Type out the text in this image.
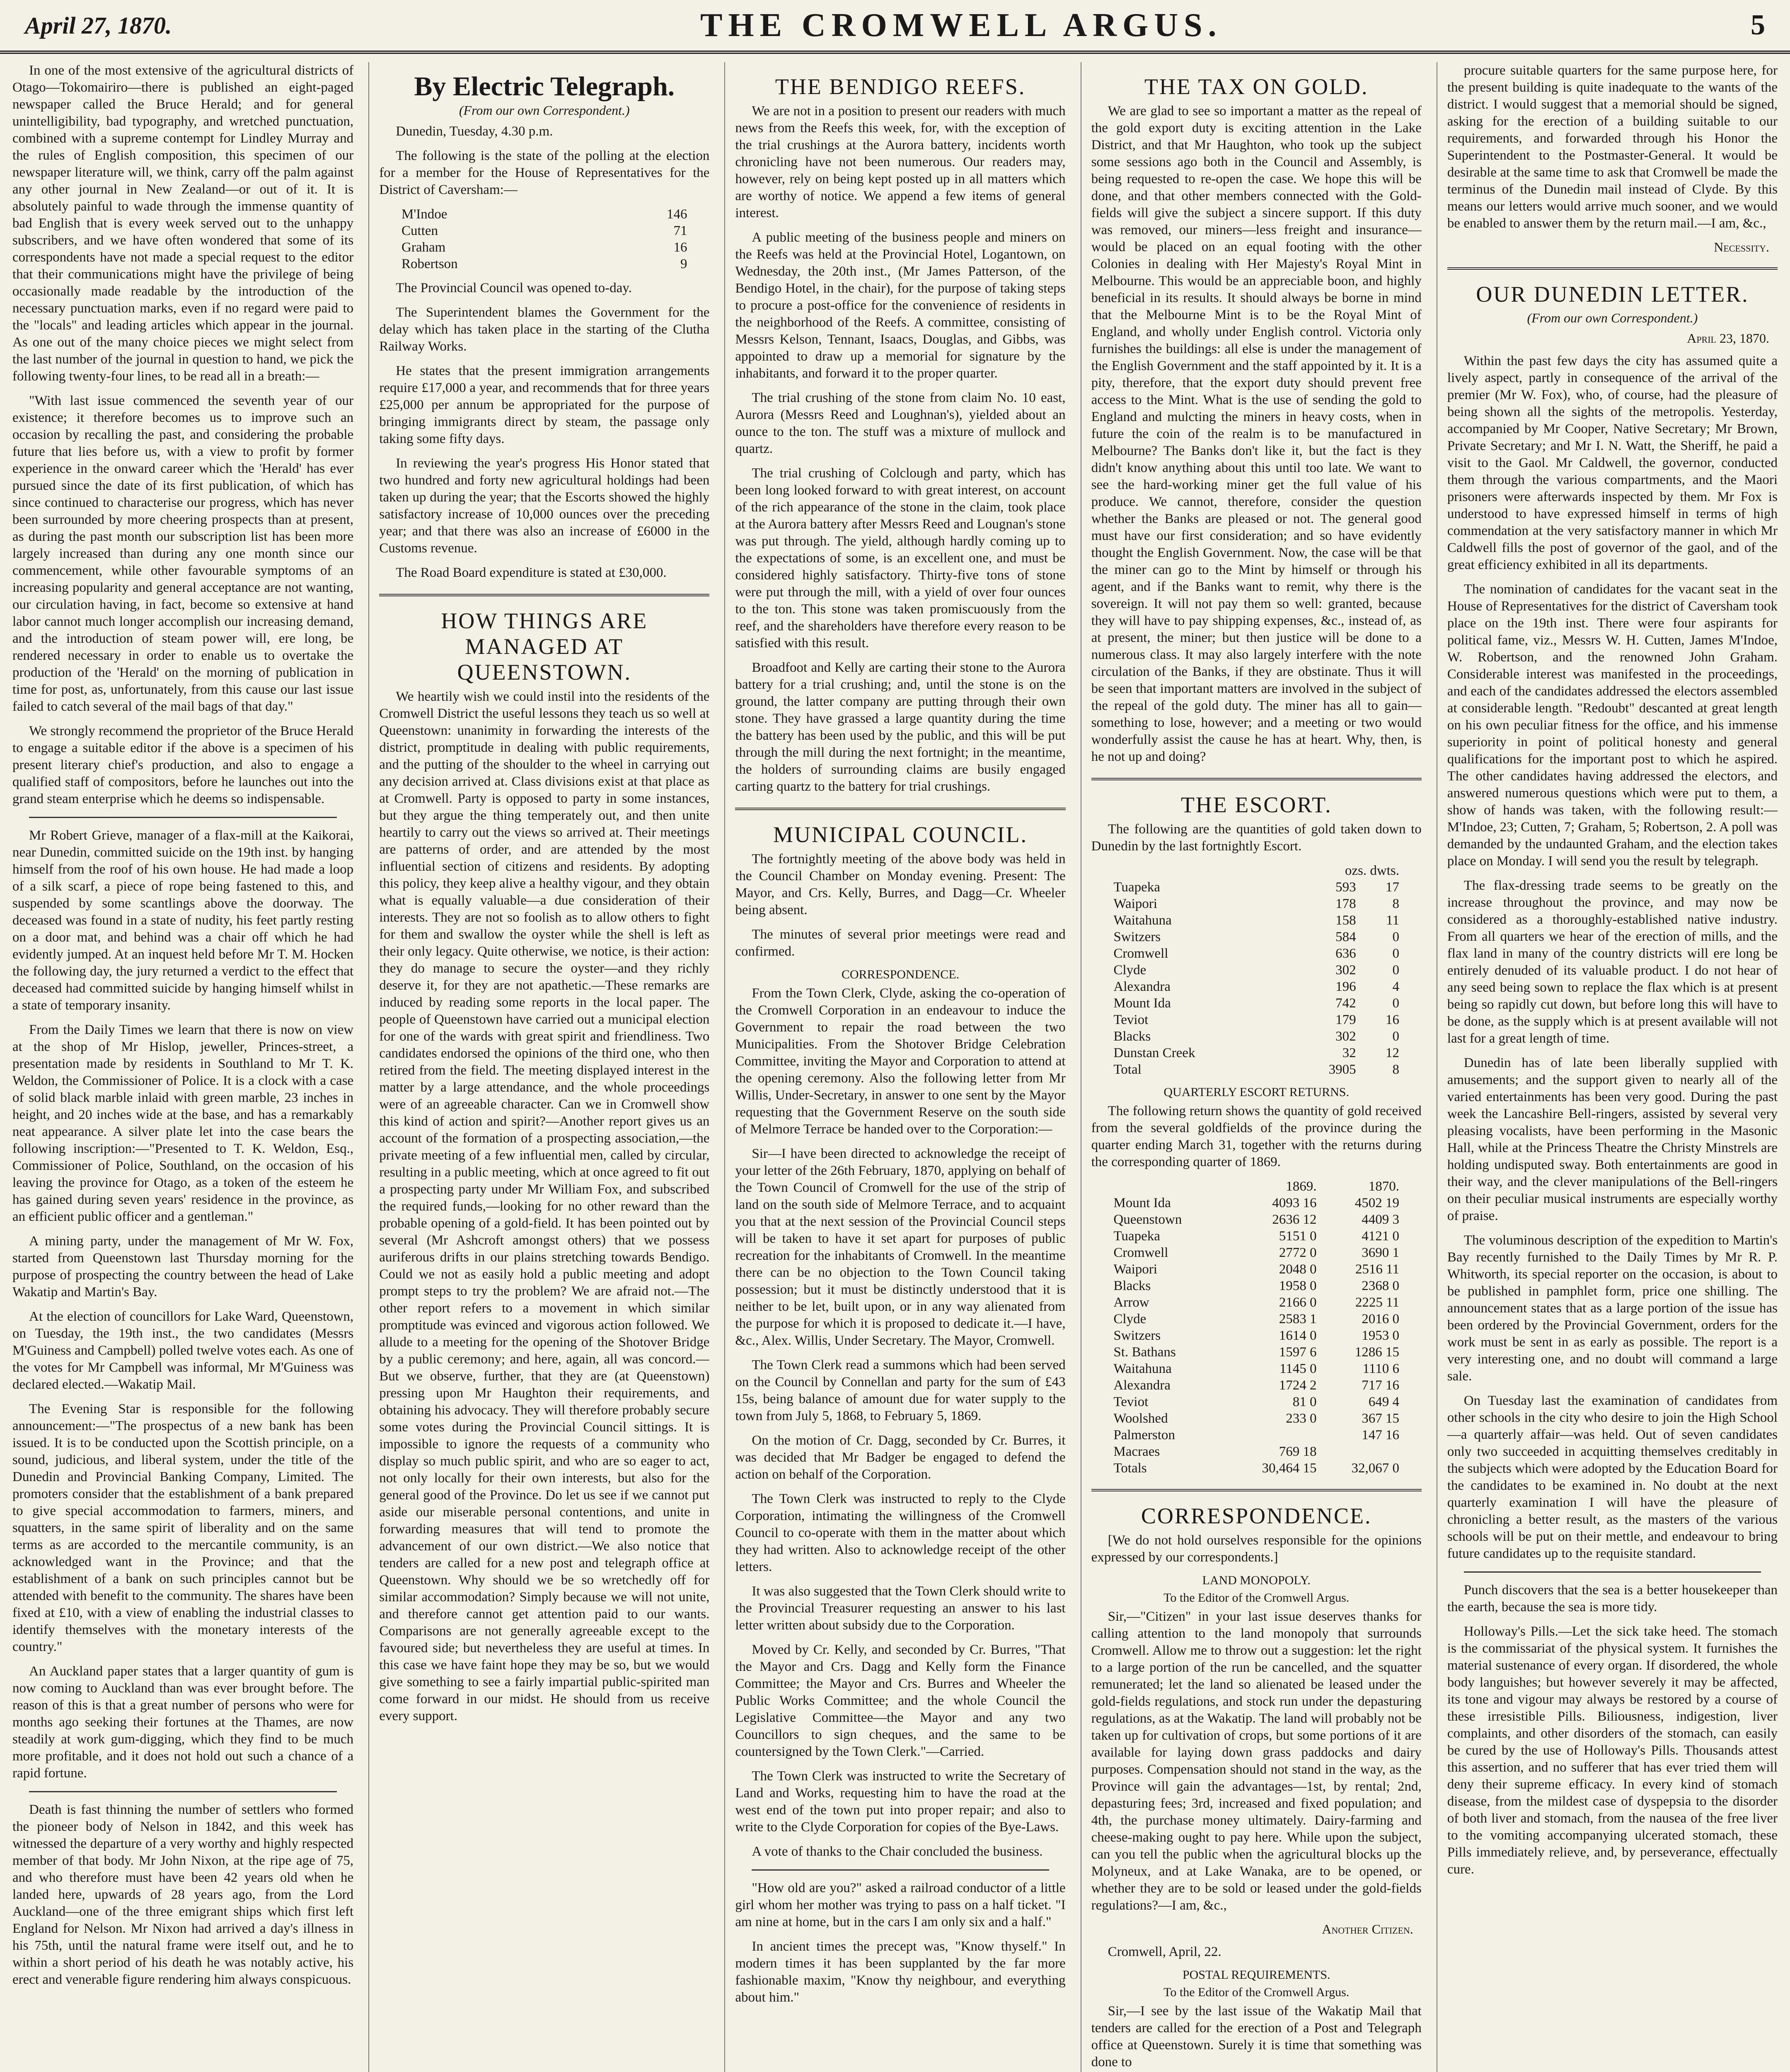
April 27, 1870.	THE CROMWELL ARGUS.	5

In one of the most extensive of the agricultural districts of Otago—Tokomairiro—there is published an eight-paged newspaper called the Bruce Herald; and for general unintelligibility, bad typography, and wretched punctuation, combined with a supreme contempt for Lindley Murray and the rules of English composition, this specimen of our newspaper literature will, we think, carry off the palm against any other journal in New Zealand—or out of it. It is absolutely painful to wade through the immense quantity of bad English that is every week served out to the unhappy subscribers, and we have often wondered that some of its correspondents have not made a special request to the editor that their communications might have the privilege of being occasionally made readable by the introduction of the necessary punctuation marks, even if no regard were paid to the "locals" and leading articles which appear in the journal. As one out of the many choice pieces we might select from the last number of the journal in question to hand, we pick the following twenty-four lines, to be read all in a breath:—

"With last issue commenced the seventh year of our existence; it therefore becomes us to improve such an occasion by recalling the past, and considering the probable future that lies before us, with a view to profit by former experience in the onward career which the 'Herald' has ever pursued since the date of its first publication, of which has since continued to characterise our progress, which has never been surrounded by more cheering prospects than at present, as during the past month our subscription list has been more largely increased than during any one month since our commencement, while other favourable symptoms of an increasing popularity and general acceptance are not wanting, our circulation having, in fact, become so extensive at hand labor cannot much longer accomplish our increasing demand, and the introduction of steam power will, ere long, be rendered necessary in order to enable us to overtake the production of the 'Herald' on the morning of publication in time for post, as, unfortunately, from this cause our last issue failed to catch several of the mail bags of that day."

We strongly recommend the proprietor of the Bruce Herald to engage a suitable editor if the above is a specimen of his present literary chief's production, and also to engage a qualified staff of compositors, before he launches out into the grand steam enterprise which he deems so indispensable.

Mr Robert Grieve, manager of a flax-mill at the Kaikorai, near Dunedin, committed suicide on the 19th inst. by hanging himself from the roof of his own house. He had made a loop of a silk scarf, a piece of rope being fastened to this, and suspended by some scantlings above the doorway. The deceased was found in a state of nudity, his feet partly resting on a door mat, and behind was a chair off which he had evidently jumped. At an inquest held before Mr T. M. Hocken the following day, the jury returned a verdict to the effect that deceased had committed suicide by hanging himself whilst in a state of temporary insanity.

From the Daily Times we learn that there is now on view at the shop of Mr Hislop, jeweller, Princes-street, a presentation made by residents in Southland to Mr T. K. Weldon, the Commissioner of Police. It is a clock with a case of solid black marble inlaid with green marble, 23 inches in height, and 20 inches wide at the base, and has a remarkably neat appearance. A silver plate let into the case bears the following inscription:—"Presented to T. K. Weldon, Esq., Commissioner of Police, Southland, on the occasion of his leaving the province for Otago, as a token of the esteem he has gained during seven years' residence in the province, as an efficient public officer and a gentleman."

A mining party, under the management of Mr W. Fox, started from Queenstown last Thursday morning for the purpose of prospecting the country between the head of Lake Wakatip and Martin's Bay.

At the election of councillors for Lake Ward, Queenstown, on Tuesday, the 19th inst., the two candidates (Messrs M'Guiness and Campbell) polled twelve votes each. As one of the votes for Mr Campbell was informal, Mr M'Guiness was declared elected.—Wakatip Mail.

The Evening Star is responsible for the following announcement:—"The prospectus of a new bank has been issued. It is to be conducted upon the Scottish principle, on a sound, judicious, and liberal system, under the title of the Dunedin and Provincial Banking Company, Limited. The promoters consider that the establishment of a bank prepared to give special accommodation to farmers, miners, and squatters, in the same spirit of liberality and on the same terms as are accorded to the mercantile community, is an acknowledged want in the Province; and that the establishment of a bank on such principles cannot but be attended with benefit to the community. The shares have been fixed at £10, with a view of enabling the industrial classes to identify themselves with the monetary interests of the country."

An Auckland paper states that a larger quantity of gum is now coming to Auckland than was ever brought before. The reason of this is that a great number of persons who were for months ago seeking their fortunes at the Thames, are now steadily at work gum-digging, which they find to be much more profitable, and it does not hold out such a chance of a rapid fortune.

Death is fast thinning the number of settlers who formed the pioneer body of Nelson in 1842, and this week has witnessed the departure of a very worthy and highly respected member of that body. Mr John Nixon, at the ripe age of 75, and who therefore must have been 42 years old when he landed here, upwards of 28 years ago, from the Lord Auckland—one of the three emigrant ships which first left England for Nelson. Mr Nixon had arrived a day's illness in his 75th, until the natural frame were itself out, and he to within a short period of his death he was notably active, his erect and venerable figure rendering him always conspicuous.

By Electric Telegraph.
(From our own Correspondent.)

Dunedin, Tuesday, 4.30 p.m.

The following is the state of the polling at the election for a member for the House of Representatives for the District of Caversham:—

M'Indoe	146
Cutten	71
Graham	16
Robertson	9

The Provincial Council was opened to-day.

The Superintendent blames the Government for the delay which has taken place in the starting of the Clutha Railway Works.

He states that the present immigration arrangements require £17,000 a year, and recommends that for three years £25,000 per annum be appropriated for the purpose of bringing immigrants direct by steam, the passage only taking some fifty days.

In reviewing the year's progress His Honor stated that two hundred and forty new agricultural holdings had been taken up during the year; that the Escorts showed the highly satisfactory increase of 10,000 ounces over the preceding year; and that there was also an increase of £6000 in the Customs revenue.

The Road Board expenditure is stated at £30,000.

HOW THINGS ARE MANAGED AT QUEENSTOWN.

We heartily wish we could instil into the residents of the Cromwell District the useful lessons they teach us so well at Queenstown: unanimity in forwarding the interests of the district, promptitude in dealing with public requirements, and the putting of the shoulder to the wheel in carrying out any decision arrived at. Class divisions exist at that place as at Cromwell. Party is opposed to party in some instances, but they argue the thing temperately out, and then unite heartily to carry out the views so arrived at. Their meetings are patterns of order, and are attended by the most influential section of citizens and residents. By adopting this policy, they keep alive a healthy vigour, and they obtain what is equally valuable—a due consideration of their interests. They are not so foolish as to allow others to fight for them and swallow the oyster while the shell is left as their only legacy. Quite otherwise, we notice, is their action: they do manage to secure the oyster—and they richly deserve it, for they are not apathetic.—These remarks are induced by reading some reports in the local paper. The people of Queenstown have carried out a municipal election for one of the wards with great spirit and friendliness. Two candidates endorsed the opinions of the third one, who then retired from the field. The meeting displayed interest in the matter by a large attendance, and the whole proceedings were of an agreeable character. Can we in Cromwell show this kind of action and spirit?—Another report gives us an account of the formation of a prospecting association,—the private meeting of a few influential men, called by circular, resulting in a public meeting, which at once agreed to fit out a prospecting party under Mr William Fox, and subscribed the required funds,—looking for no other reward than the probable opening of a gold-field. It has been pointed out by several (Mr Ashcroft amongst others) that we possess auriferous drifts in our plains stretching towards Bendigo. Could we not as easily hold a public meeting and adopt prompt steps to try the problem? We are afraid not.—The other report refers to a movement in which similar promptitude was evinced and vigorous action followed. We allude to a meeting for the opening of the Shotover Bridge by a public ceremony; and here, again, all was concord.—But we observe, further, that they are (at Queenstown) pressing upon Mr Haughton their requirements, and obtaining his advocacy. They will therefore probably secure some votes during the Provincial Council sittings. It is impossible to ignore the requests of a community who display so much public spirit, and who are so eager to act, not only locally for their own interests, but also for the general good of the Province. Do let us see if we cannot put aside our miserable personal contentions, and unite in forwarding measures that will tend to promote the advancement of our own district.—We also notice that tenders are called for a new post and telegraph office at Queenstown. Why should we be so wretchedly off for similar accommodation? Simply because we will not unite, and therefore cannot get attention paid to our wants. Comparisons are not generally agreeable except to the favoured side; but nevertheless they are useful at times. In this case we have faint hope they may be so, but we would give something to see a fairly impartial public-spirited man come forward in our midst. He should from us receive every support.

THE BENDIGO REEFS.

We are not in a position to present our readers with much news from the Reefs this week, for, with the exception of the trial crushings at the Aurora battery, incidents worth chronicling have not been numerous. Our readers may, however, rely on being kept posted up in all matters which are worthy of notice. We append a few items of general interest.

A public meeting of the business people and miners on the Reefs was held at the Provincial Hotel, Logantown, on Wednesday, the 20th inst., (Mr James Patterson, of the Bendigo Hotel, in the chair), for the purpose of taking steps to procure a post-office for the convenience of residents in the neighborhood of the Reefs. A committee, consisting of Messrs Kelson, Tennant, Isaacs, Douglas, and Gibbs, was appointed to draw up a memorial for signature by the inhabitants, and forward it to the proper quarter.

The trial crushing of the stone from claim No. 10 east, Aurora (Messrs Reed and Loughnan's), yielded about an ounce to the ton. The stuff was a mixture of mullock and quartz.

The trial crushing of Colclough and party, which has been long looked forward to with great interest, on account of the rich appearance of the stone in the claim, took place at the Aurora battery after Messrs Reed and Lougnan's stone was put through. The yield, although hardly coming up to the expectations of some, is an excellent one, and must be considered highly satisfactory. Thirty-five tons of stone were put through the mill, with a yield of over four ounces to the ton. This stone was taken promiscuously from the reef, and the shareholders have therefore every reason to be satisfied with this result.

Broadfoot and Kelly are carting their stone to the Aurora battery for a trial crushing; and, until the stone is on the ground, the latter company are putting through their own stone. They have grassed a large quantity during the time the battery has been used by the public, and this will be put through the mill during the next fortnight; in the meantime, the holders of surrounding claims are busily engaged carting quartz to the battery for trial crushings.

MUNICIPAL COUNCIL.

The fortnightly meeting of the above body was held in the Council Chamber on Monday evening. Present: The Mayor, and Crs. Kelly, Burres, and Dagg—Cr. Wheeler being absent.

The minutes of several prior meetings were read and confirmed.

CORRESPONDENCE.

From the Town Clerk, Clyde, asking the co-operation of the Cromwell Corporation in an endeavour to induce the Government to repair the road between the two Municipalities. From the Shotover Bridge Celebration Committee, inviting the Mayor and Corporation to attend at the opening ceremony. Also the following letter from Mr Willis, Under-Secretary, in answer to one sent by the Mayor requesting that the Government Reserve on the south side of Melmore Terrace be handed over to the Corporation:—

Sir—I have been directed to acknowledge the receipt of your letter of the 26th February, 1870, applying on behalf of the Town Council of Cromwell for the use of the strip of land on the south side of Melmore Terrace, and to acquaint you that at the next session of the Provincial Council steps will be taken to have it set apart for purposes of public recreation for the inhabitants of Cromwell. In the meantime there can be no objection to the Town Council taking possession; but it must be distinctly understood that it is neither to be let, built upon, or in any way alienated from the purpose for which it is proposed to dedicate it.—I have, &c., Alex. Willis, Under Secretary. The Mayor, Cromwell.

The Town Clerk read a summons which had been served on the Council by Connellan and party for the sum of £43 15s, being balance of amount due for water supply to the town from July 5, 1868, to February 5, 1869.

On the motion of Cr. Dagg, seconded by Cr. Burres, it was decided that Mr Badger be engaged to defend the action on behalf of the Corporation.

The Town Clerk was instructed to reply to the Clyde Corporation, intimating the willingness of the Cromwell Council to co-operate with them in the matter about which they had written. Also to acknowledge receipt of the other letters.

It was also suggested that the Town Clerk should write to the Provincial Treasurer requesting an answer to his last letter written about subsidy due to the Corporation.

Moved by Cr. Kelly, and seconded by Cr. Burres, "That the Mayor and Crs. Dagg and Kelly form the Finance Committee; the Mayor and Crs. Burres and Wheeler the Public Works Committee; and the whole Council the Legislative Committee—the Mayor and any two Councillors to sign cheques, and the same to be countersigned by the Town Clerk."—Carried.

The Town Clerk was instructed to write the Secretary of Land and Works, requesting him to have the road at the west end of the town put into proper repair; and also to write to the Clyde Corporation for copies of the Bye-Laws.

A vote of thanks to the Chair concluded the business.

"How old are you?" asked a railroad conductor of a little girl whom her mother was trying to pass on a half ticket. "I am nine at home, but in the cars I am only six and a half."

In ancient times the precept was, "Know thyself." In modern times it has been supplanted by the far more fashionable maxim, "Know thy neighbour, and everything about him."

THE TAX ON GOLD.

We are glad to see so important a matter as the repeal of the gold export duty is exciting attention in the Lake District, and that Mr Haughton, who took up the subject some sessions ago both in the Council and Assembly, is being requested to re-open the case. We hope this will be done, and that other members connected with the Gold-fields will give the subject a sincere support. If this duty was removed, our miners—less freight and insurance—would be placed on an equal footing with the other Colonies in dealing with Her Majesty's Royal Mint in Melbourne. This would be an appreciable boon, and highly beneficial in its results. It should always be borne in mind that the Melbourne Mint is to be the Royal Mint of England, and wholly under English control. Victoria only furnishes the buildings: all else is under the management of the English Government and the staff appointed by it. It is a pity, therefore, that the export duty should prevent free access to the Mint. What is the use of sending the gold to England and mulcting the miners in heavy costs, when in future the coin of the realm is to be manufactured in Melbourne? The Banks don't like it, but the fact is they didn't know anything about this until too late. We want to see the hard-working miner get the full value of his produce. We cannot, therefore, consider the question whether the Banks are pleased or not. The general good must have our first consideration; and so have evidently thought the English Government. Now, the case will be that the miner can go to the Mint by himself or through his agent, and if the Banks want to remit, why there is the sovereign. It will not pay them so well: granted, because they will have to pay shipping expenses, &c., instead of, as at present, the miner; but then justice will be done to a numerous class. It may also largely interfere with the note circulation of the Banks, if they are obstinate. Thus it will be seen that important matters are involved in the subject of the repeal of the gold duty. The miner has all to gain—something to lose, however; and a meeting or two would wonderfully assist the cause he has at heart. Why, then, is he not up and doing?

THE ESCORT.

The following are the quantities of gold taken down to Dunedin by the last fortnightly Escort.

	ozs. dwts.	
Tuapeka	593	17
Waipori	178	8
Waitahuna	158	11
Switzers	584	0
Cromwell	636	0
Clyde	302	0
Alexandra	196	4
Mount Ida	742	0
Teviot	179	16
Blacks	302	0
Dunstan Creek	32	12
Total	3905	8
QUARTERLY ESCORT RETURNS.

The following return shows the quantity of gold received from the several goldfields of the province during the quarter ending March 31, together with the returns during the corresponding quarter of 1869.

	1869.	1870.
Mount Ida	4093 16	4502 19
Queenstown	2636 12	4409 3
Tuapeka	5151 0	4121 0
Cromwell	2772 0	3690 1
Waipori	2048 0	2516 11
Blacks	1958 0	2368 0
Arrow	2166 0	2225 11
Clyde	2583 1	2016 0
Switzers	1614 0	1953 0
St. Bathans	1597 6	1286 15
Waitahuna	1145 0	1110 6
Alexandra	1724 2	717 16
Teviot	81 0	649 4
Woolshed	233 0	367 15
Palmerston		147 16
Macraes	769 18	
Totals	30,464 15	32,067 0
CORRESPONDENCE.

[We do not hold ourselves responsible for the opinions expressed by our correspondents.]

LAND MONOPOLY.
To the Editor of the Cromwell Argus.

Sir,—"Citizen" in your last issue deserves thanks for calling attention to the land monopoly that surrounds Cromwell. Allow me to throw out a suggestion: let the right to a large portion of the run be cancelled, and the squatter remunerated; let the land so alienated be leased under the gold-fields regulations, and stock run under the depasturing regulations, as at the Wakatip. The land will probably not be taken up for cultivation of crops, but some portions of it are available for laying down grass paddocks and dairy purposes. Compensation should not stand in the way, as the Province will gain the advantages—1st, by rental; 2nd, depasturing fees; 3rd, increased and fixed population; and 4th, the purchase money ultimately. Dairy-farming and cheese-making ought to pay here. While upon the subject, can you tell the public when the agricultural blocks up the Molyneux, and at Lake Wanaka, are to be opened, or whether they are to be sold or leased under the gold-fields regulations?—I am, &c.,

Another Citizen.

Cromwell, April, 22.

POSTAL REQUIREMENTS.
To the Editor of the Cromwell Argus.

Sir,—I see by the last issue of the Wakatip Mail that tenders are called for the erection of a Post and Telegraph office at Queenstown. Surely it is time that something was done to

procure suitable quarters for the same purpose here, for the present building is quite inadequate to the wants of the district. I would suggest that a memorial should be signed, asking for the erection of a building suitable to our requirements, and forwarded through his Honor the Superintendent to the Postmaster-General. It would be desirable at the same time to ask that Cromwell be made the terminus of the Dunedin mail instead of Clyde. By this means our letters would arrive much sooner, and we would be enabled to answer them by the return mail.—I am, &c.,

Necessity.
OUR DUNEDIN LETTER.
(From our own Correspondent.)
April 23, 1870.

Within the past few days the city has assumed quite a lively aspect, partly in consequence of the arrival of the premier (Mr W. Fox), who, of course, had the pleasure of being shown all the sights of the metropolis. Yesterday, accompanied by Mr Cooper, Native Secretary; Mr Brown, Private Secretary; and Mr I. N. Watt, the Sheriff, he paid a visit to the Gaol. Mr Caldwell, the governor, conducted them through the various compartments, and the Maori prisoners were afterwards inspected by them. Mr Fox is understood to have expressed himself in terms of high commendation at the very satisfactory manner in which Mr Caldwell fills the post of governor of the gaol, and of the great efficiency exhibited in all its departments.

The nomination of candidates for the vacant seat in the House of Representatives for the district of Caversham took place on the 19th inst. There were four aspirants for political fame, viz., Messrs W. H. Cutten, James M'Indoe, W. Robertson, and the renowned John Graham. Considerable interest was manifested in the proceedings, and each of the candidates addressed the electors assembled at considerable length. "Redoubt" descanted at great length on his own peculiar fitness for the office, and his immense superiority in point of political honesty and general qualifications for the important post to which he aspired. The other candidates having addressed the electors, and answered numerous questions which were put to them, a show of hands was taken, with the following result:—M'Indoe, 23; Cutten, 7; Graham, 5; Robertson, 2. A poll was demanded by the undaunted Graham, and the election takes place on Monday. I will send you the result by telegraph.

The flax-dressing trade seems to be greatly on the increase throughout the province, and may now be considered as a thoroughly-established native industry. From all quarters we hear of the erection of mills, and the flax land in many of the country districts will ere long be entirely denuded of its valuable product. I do not hear of any seed being sown to replace the flax which is at present being so rapidly cut down, but before long this will have to be done, as the supply which is at present available will not last for a great length of time.

Dunedin has of late been liberally supplied with amusements; and the support given to nearly all of the varied entertainments has been very good. During the past week the Lancashire Bell-ringers, assisted by several very pleasing vocalists, have been performing in the Masonic Hall, while at the Princess Theatre the Christy Minstrels are holding undisputed sway. Both entertainments are good in their way, and the clever manipulations of the Bell-ringers on their peculiar musical instruments are especially worthy of praise.

The voluminous description of the expedition to Martin's Bay recently furnished to the Daily Times by Mr R. P. Whitworth, its special reporter on the occasion, is about to be published in pamphlet form, price one shilling. The announcement states that as a large portion of the issue has been ordered by the Provincial Government, orders for the work must be sent in as early as possible. The report is a very interesting one, and no doubt will command a large sale.

On Tuesday last the examination of candidates from other schools in the city who desire to join the High School—a quarterly affair—was held. Out of seven candidates only two succeeded in acquitting themselves creditably in the subjects which were adopted by the Education Board for the candidates to be examined in. No doubt at the next quarterly examination I will have the pleasure of chronicling a better result, as the masters of the various schools will be put on their mettle, and endeavour to bring future candidates up to the requisite standard.

Punch discovers that the sea is a better housekeeper than the earth, because the sea is more tidy.

Holloway's Pills.—Let the sick take heed. The stomach is the commissariat of the physical system. It furnishes the material sustenance of every organ. If disordered, the whole body languishes; but however severely it may be affected, its tone and vigour may always be restored by a course of these irresistible Pills. Biliousness, indigestion, liver complaints, and other disorders of the stomach, can easily be cured by the use of Holloway's Pills. Thousands attest this assertion, and no sufferer that has ever tried them will deny their supreme efficacy. In every kind of stomach disease, from the mildest case of dyspepsia to the disorder of both liver and stomach, from the nausea of the free liver to the vomiting accompanying ulcerated stomach, these Pills immediately relieve, and, by perseverance, effectually cure.
